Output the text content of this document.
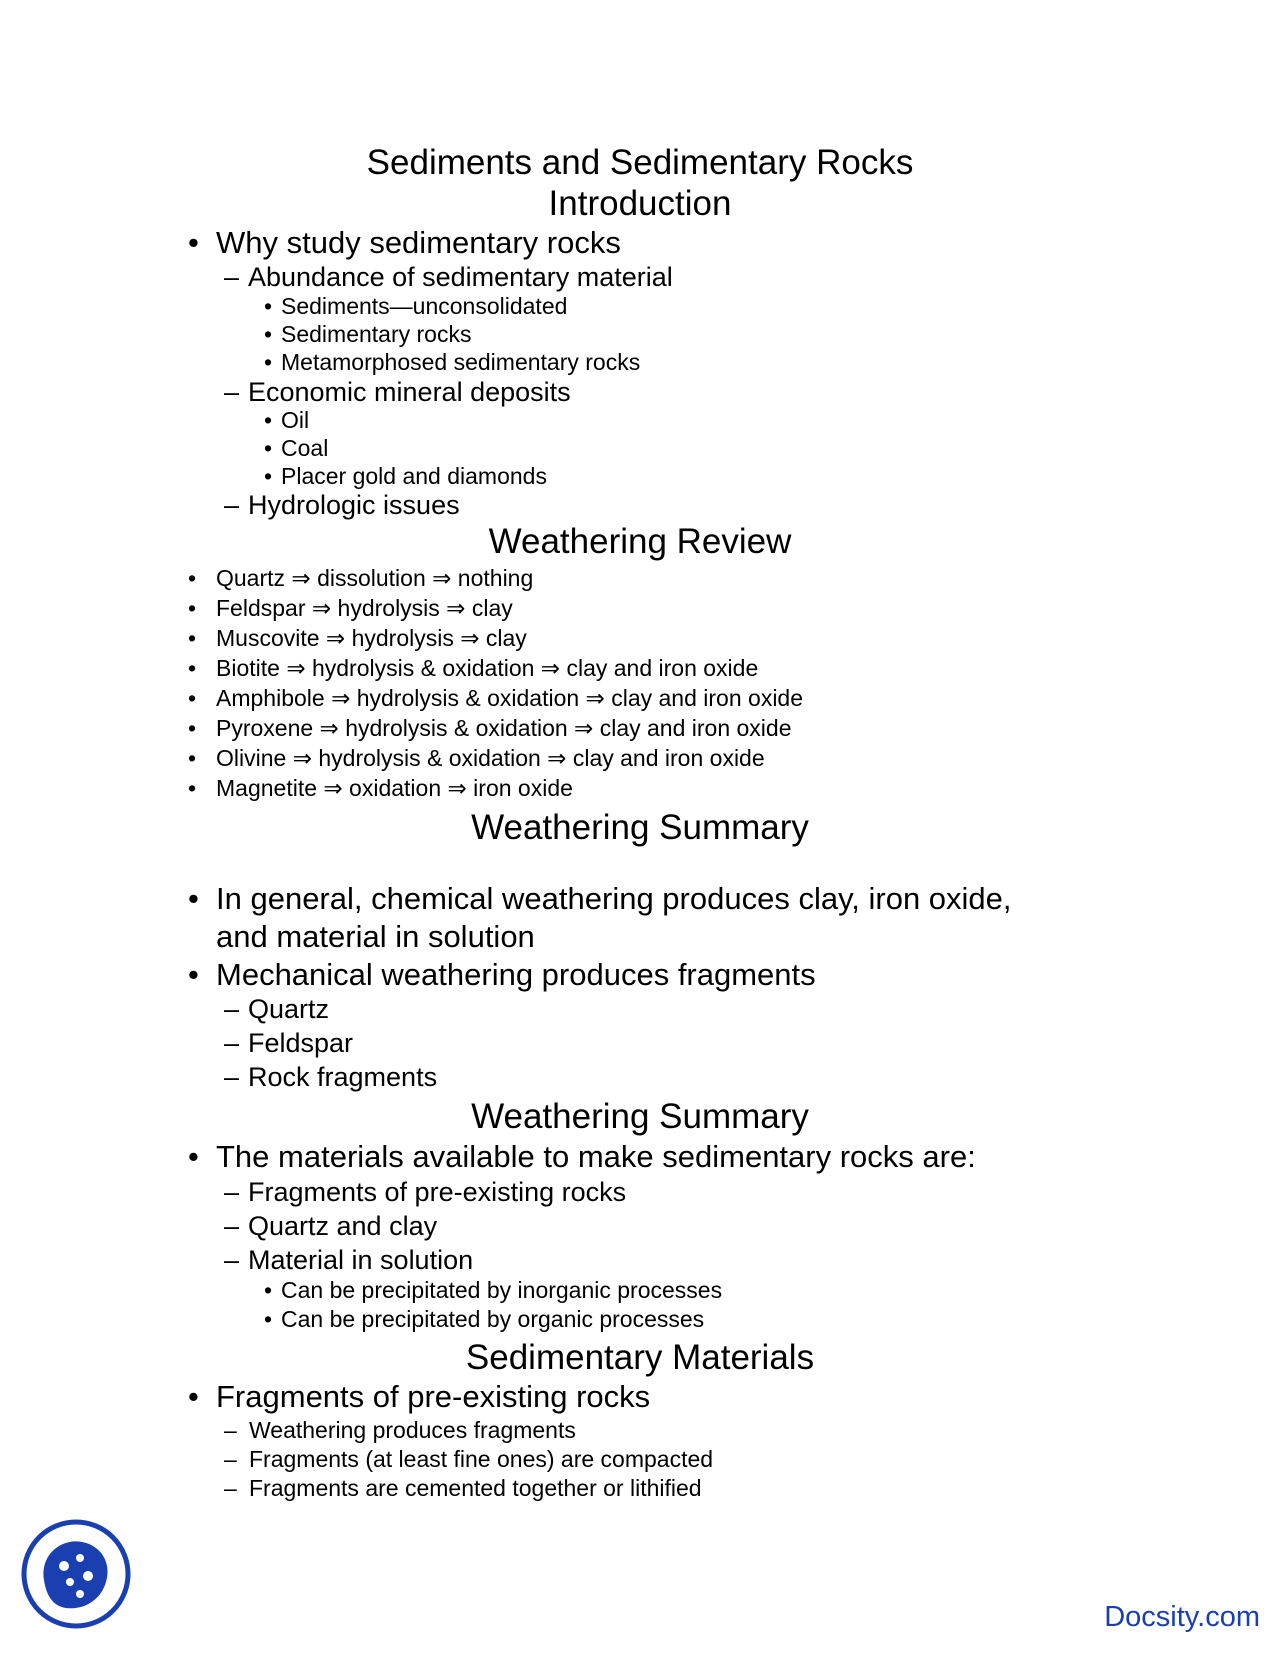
Sediments and Sedimentary Rocks
Introduction
• Why study sedimentary rocks
– Abundance of sedimentary material
• Sediments—unconsolidated
• Sedimentary rocks
• Metamorphosed sedimentary rocks
– Economic mineral deposits
• Oil
• Coal
• Placer gold and diamonds
– Hydrologic issues
Weathering Review
• Quartz ⇒ dissolution ⇒ nothing
• Feldspar ⇒ hydrolysis ⇒ clay
• Muscovite ⇒ hydrolysis ⇒ clay
• Biotite ⇒ hydrolysis & oxidation ⇒ clay and iron oxide
• Amphibole ⇒ hydrolysis & oxidation ⇒ clay and iron oxide
• Pyroxene ⇒ hydrolysis & oxidation ⇒ clay and iron oxide
• Olivine ⇒ hydrolysis & oxidation ⇒ clay and iron oxide
• Magnetite ⇒ oxidation ⇒ iron oxide
Weathering Summary
• In general, chemical weathering produces clay, iron oxide,
and material in solution
• Mechanical weathering produces fragments
– Quartz
– Feldspar
– Rock fragments
Weathering Summary
• The materials available to make sedimentary rocks are:
– Fragments of pre-existing rocks
– Quartz and clay
– Material in solution
• Can be precipitated by inorganic processes
• Can be precipitated by organic processes
Sedimentary Materials
• Fragments of pre-existing rocks
– Weathering produces fragments
– Fragments (at least fine ones) are compacted
– Fragments are cemented together or lithified
Docsity.com
